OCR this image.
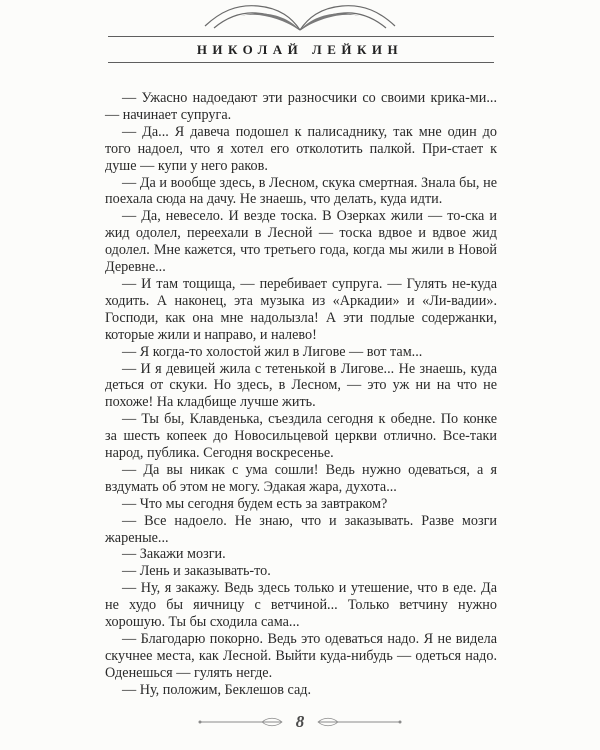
НИКОЛАЙ ЛЕЙКИН

— Ужасно надоедают эти разносчики со своими крика-ми... — начинает супруга.

— Да... Я давеча подошел к палисаднику, так мне один до того надоел, что я хотел его отколотить палкой. При-стает к душе — купи у него раков.

— Да и вообще здесь, в Лесном, скука смертная. Знала бы, не поехала сюда на дачу. Не знаешь, что делать, куда идти.

— Да, невесело. И везде тоска. В Озерках жили — то-ска и жид одолел, переехали в Лесной — тоска вдвое и вдвое жид одолел. Мне кажется, что третьего года, когда мы жили в Новой Деревне...

— И там тощища, — перебивает супруга. — Гулять не-куда ходить. А наконец, эта музыка из «Аркадии» и «Ли-вадии». Господи, как она мне надолызла! А эти подлые содержанки, которые жили и направо, и налево!

— Я когда-то холостой жил в Лигове — вот там...

— И я девицей жила с тетенькой в Лигове... Не знаешь, куда деться от скуки. Но здесь, в Лесном, — это уж ни на что не похоже! На кладбище лучше жить.

— Ты бы, Клавденька, съездила сегодня к обедне. По конке за шесть копеек до Новосильцевой церкви отлично. Все-таки народ, публика. Сегодня воскресенье.

— Да вы никак с ума сошли! Ведь нужно одеваться, а я вздумать об этом не могу. Эдакая жара, духота...

— Что мы сегодня будем есть за завтраком?

— Все надоело. Не знаю, что и заказывать. Разве мозги жареные...

— Закажи мозги.

— Лень и заказывать-то.

— Ну, я закажу. Ведь здесь только и утешение, что в еде. Да не худо бы яичницу с ветчиной... Только ветчину нужно хорошую. Ты бы сходила сама...

— Благодарю покорно. Ведь это одеваться надо. Я не видела скучнее места, как Лесной. Выйти куда-нибудь — одеться надо. Оденешься — гулять негде.

— Ну, положим, Беклешов сад.

8
